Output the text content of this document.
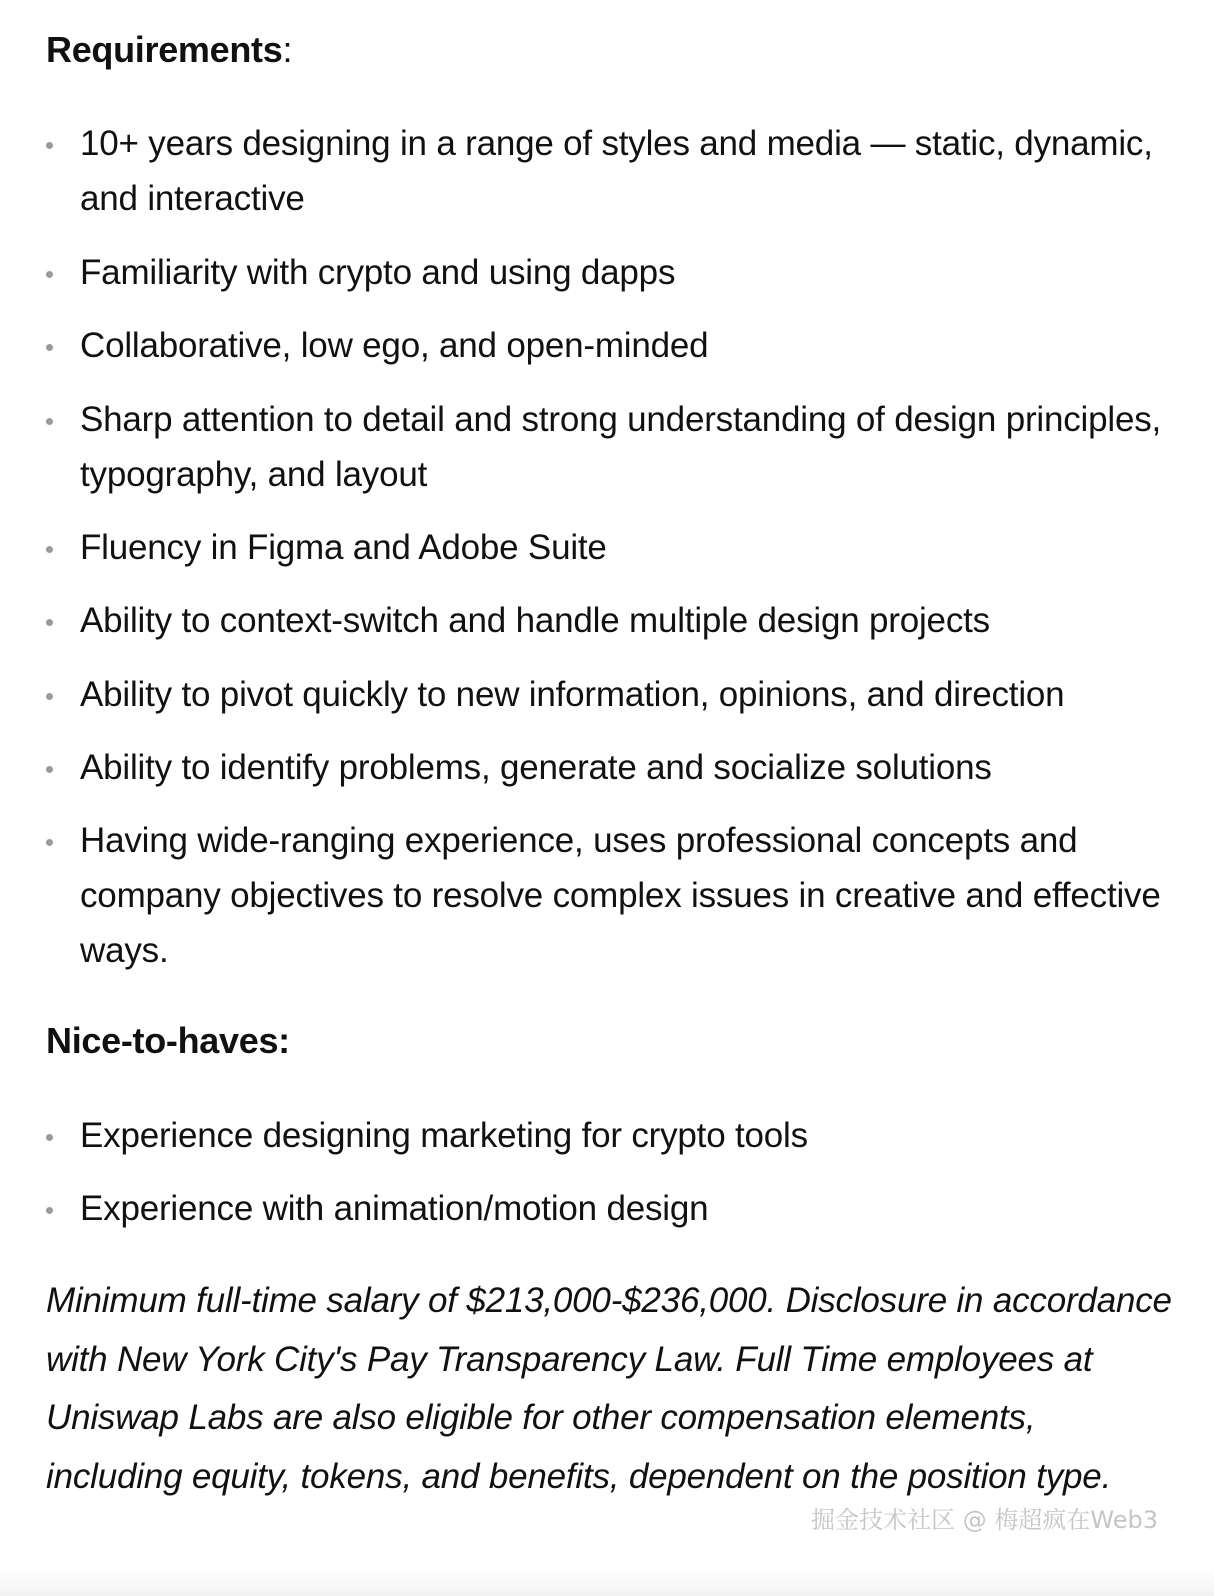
Requirements:
10+ years designing in a range of styles and media — static, dynamic, and interactive
Familiarity with crypto and using dapps
Collaborative, low ego, and open-minded
Sharp attention to detail and strong understanding of design principles, typography, and layout
Fluency in Figma and Adobe Suite
Ability to context-switch and handle multiple design projects
Ability to pivot quickly to new information, opinions, and direction
Ability to identify problems, generate and socialize solutions
Having wide-ranging experience, uses professional concepts and company objectives to resolve complex issues in creative and effective ways.
Nice-to-haves:
Experience designing marketing for crypto tools
Experience with animation/motion design
Minimum full-time salary of $213,000-$236,000. Disclosure in accordance with New York City's Pay Transparency Law. Full Time employees at Uniswap Labs are also eligible for other compensation elements, including equity, tokens, and benefits, dependent on the position type.
掘金技术社区 @ 梅超疯在Web3
